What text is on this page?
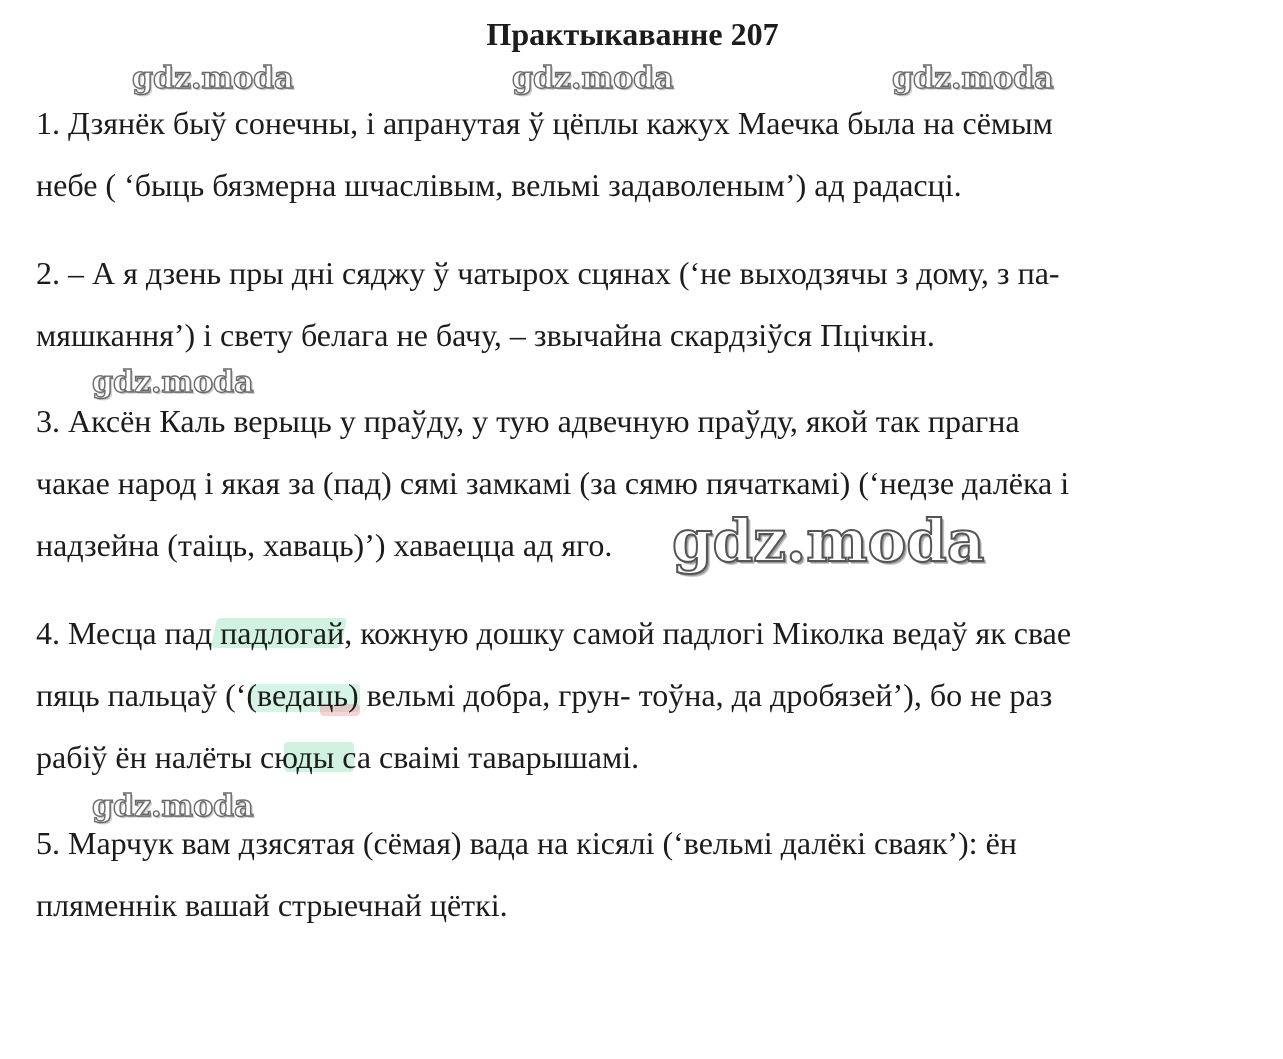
Практыкаванне 207
1. Дзянёк быў сонечны, і апранутая ў цёплы кажух Маечка была на сёмым
небе ( ‘быць бязмерна шчаслівым, вельмі задаволеным’) ад радасці.
2. – А я дзень пры дні сяджу ў чатырох сцянах (‘не выходзячы з дому, з па-
мяшкання’) і свету белага не бачу, – звычайна скардзіўся Пцічкін.
3. Аксён Каль верыць у праўду, у тую адвечную праўду, якой так прагна
чакае народ і якая за (пад) сямі замкамі (за сямю пячаткамі) (‘недзе далёка і
надзейна (таіць, хаваць)’) хаваецца ад яго.
4. Месца пад падлогай, кожную дошку самой падлогі Міколка ведаў як свае
пяць пальцаў (‘(ведаць) вельмі добра, грун- тоўна, да дробязей’), бо не раз
рабіў ён налёты сюды са сваімі таварышамі.
5. Марчук вам дзясятая (сёмая) вада на кісялі (‘вельмі далёкі сваяк’): ён
пляменнік вашай стрыечнай цёткі.
gdz.moda	gdz.moda	gdz.moda
gdz.moda
gdz.moda
gdz.moda
